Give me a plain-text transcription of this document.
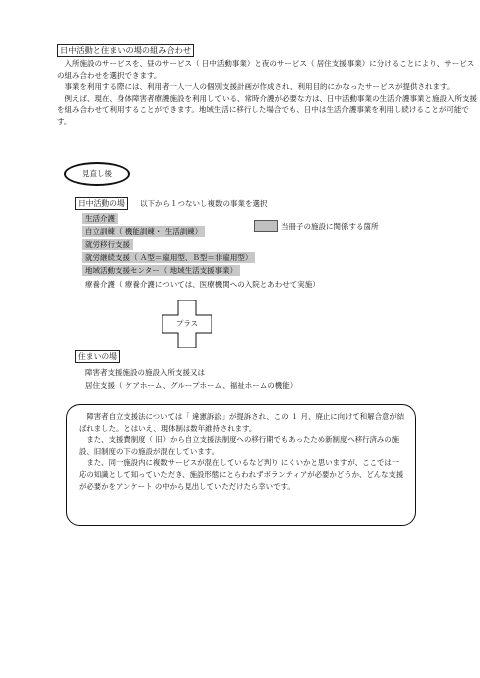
日中活動と住まいの場の組み合わせ

入所施設のサービスを、昼のサービス（ 日中活動事業）と夜のサービス（ 居住支援事業）に分けることにより、サービスの組み合わせを選択できます。

事業を利用する際には、利用者一人一人の個別支援計画が作成され、利用目的にかなったサービスが提供されます。

例えば、現在、身体障害者療護施設を利用している、常時介護が必要な方は、日中活動事業の生活介護事業と施設入所支援を組み合わせて利用することができます。地域生活に移行した場合でも、日中は生活介護事業を利用し続けることが可能です。

見直し後
日中活動の場	以下から１つないし複数の事業を選択
生活介護
自立訓練（ 機能訓練・ 生活訓練）
就労移行支援
就労継続支援（ Ａ型＝雇用型、Ｂ型＝非雇用型）
地域活動支援センター（ 地域生活支援事業）
療養介護（ 療養介護については、医療機関への入院とあわせて実施）
当冊子の施設に関係する箇所
プラス
住まいの場
障害者支援施設の施設入所支援又は
居住支援（ ケアホーム、グループホーム、福祉ホームの機能）

障害者自立支援法については「 違憲訴訟」が提訴され、この １ 月、廃止に向けて和解合意が結ばれました。とはいえ、現体制は数年維持されます。

また、支援費制度（ 旧）から自立支援法制度への移行期でもあったため新制度へ移行済みの施設、旧制度の下の施設が混在しています。

また、同一施設内に複数サービスが混在しているなど判り にくいかと思いますが、ここでは一応の知識として知っていただき、施設形態にとらわれずボランティアが必要かどうか、どんな支援が必要かをアンケート の中から見出していただけたら幸いです。
